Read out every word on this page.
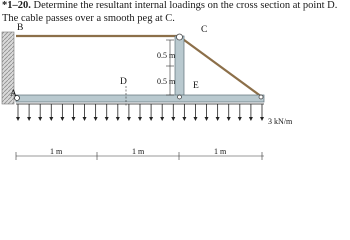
*1–20. Determine the resultant internal loadings on the cross section at point D.
The cable passes over a smooth peg at C.
B	C
D	E
A
0.5 m
0.5 m
3 kN/m
1 m	1 m	1 m
